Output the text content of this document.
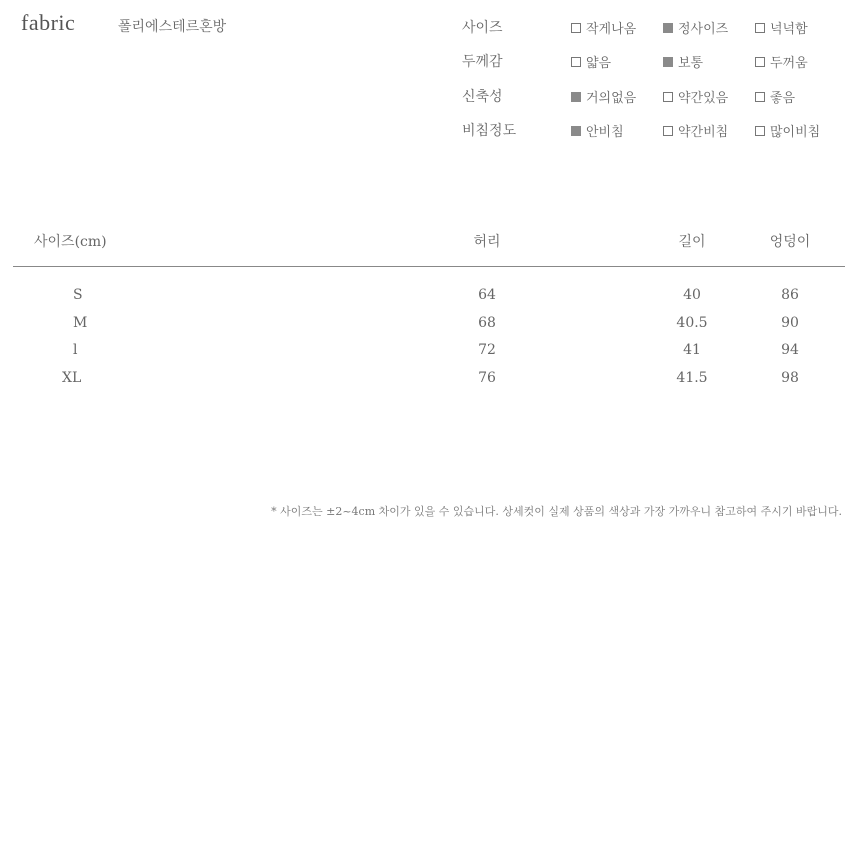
fabric	폴리에스테르혼방	사이즈	작게나옴	정사이즈	넉넉함
두께감	얇음	보통	두꺼움
신축성	거의없음	약간있음	좋음
비침정도	안비침	약간비침	많이비침
사이즈(cm)	허리	길이	엉덩이
S	64	40	86
M	68	40.5	90
l	72	41	94
XL	76	41.5	98
* 사이즈는 ±2~4cm 차이가 있을 수 있습니다. 상세컷이 실제 상품의 색상과 가장 가까우니 참고하여 주시기 바랍니다.
